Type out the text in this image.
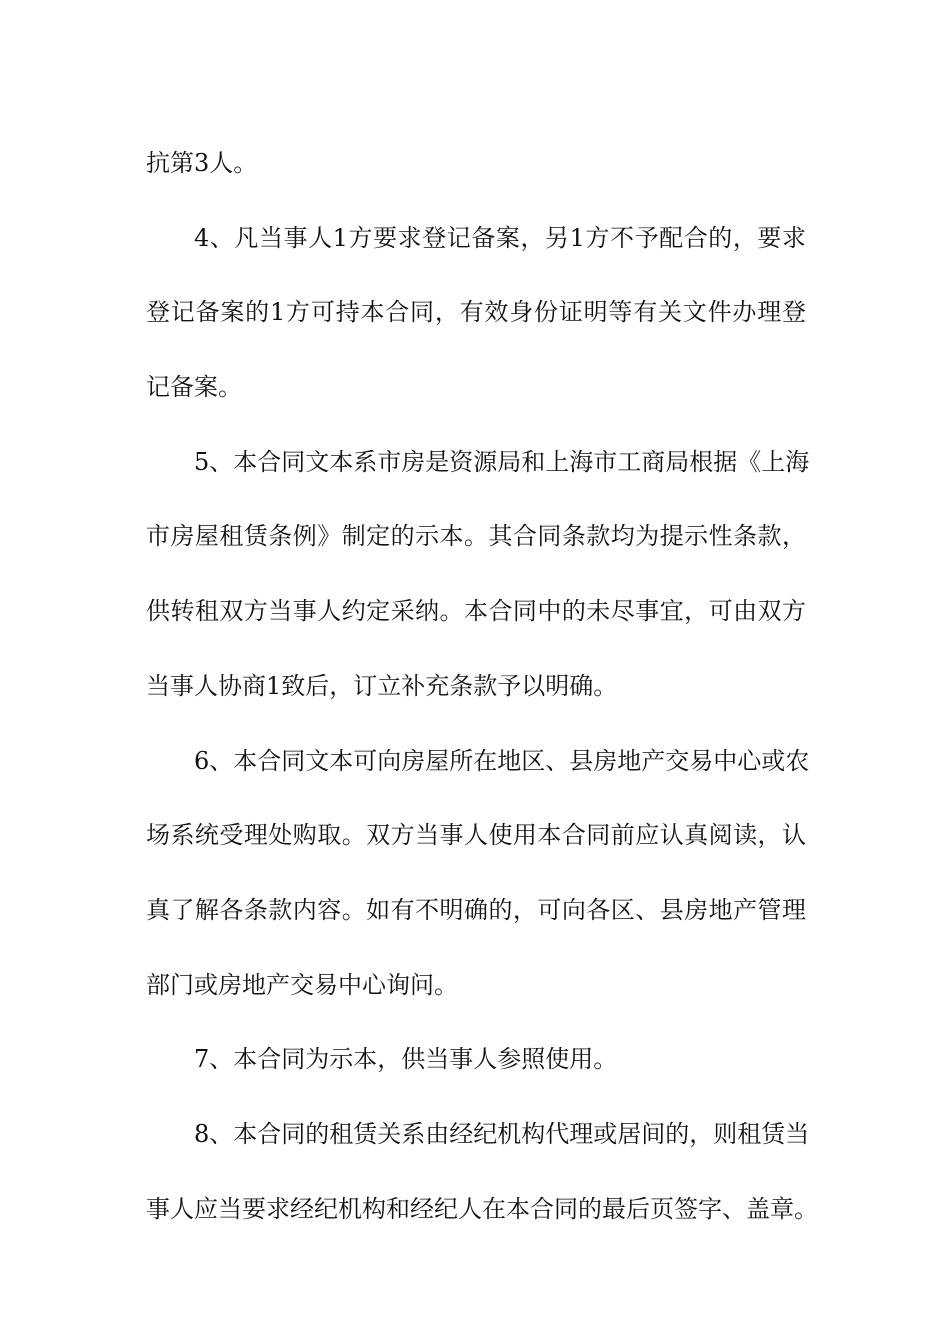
抗第3人。
4、凡当事人1方要求登记备案，另1方不予配合的，要求
登记备案的1方可持本合同，有效身份证明等有关文件办理登
记备案。
5、本合同文本系市房是资源局和上海市工商局根据《上海
市房屋租赁条例》制定的示本。其合同条款均为提示性条款，
供转租双方当事人约定采纳。本合同中的未尽事宜，可由双方
当事人协商1致后，订立补充条款予以明确。
6、本合同文本可向房屋所在地区、县房地产交易中心或农
场系统受理处购取。双方当事人使用本合同前应认真阅读，认
真了解各条款内容。如有不明确的，可向各区、县房地产管理
部门或房地产交易中心询问。
7、本合同为示本，供当事人参照使用。
8、本合同的租赁关系由经纪机构代理或居间的，则租赁当
事人应当要求经纪机构和经纪人在本合同的最后页签字、盖章。
